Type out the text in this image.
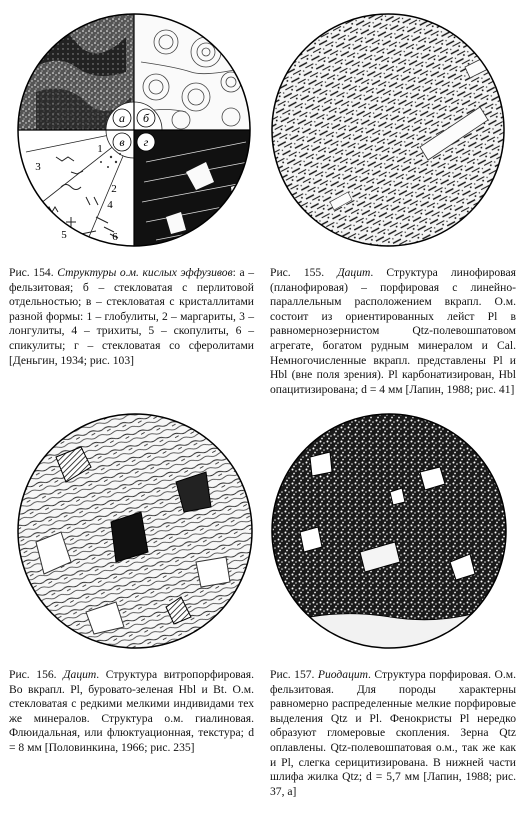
а б
в г
1
2
3
4
5	6
Рис. 154. Структуры о.м. кислых эффузивов: а – фельзитовая; б – стекловатая с перлитовой отдельностью; в – стекловатая с кристаллитами разной формы: 1 – глобулиты, 2 – маргариты, 3 – лонгулиты, 4 – трихиты, 5 – скопулиты, 6 – спикулиты; г – стекловатая со сферолитами [Деньгин, 1934; рис. 103]
Рис. 155. Дацит. Структура линофировая (планофировая) – порфировая с линейно-параллельным расположением вкрапл. О.м. состоит из ориентированных лейст Pl в равномернозернистом Qtz-полевошпатовом агрегате, богатом рудным минералом и Cal. Немногочисленные вкрапл. представлены Pl и Hbl (вне поля зрения). Pl карбонатизирован, Hbl опацитизирована; d = 4 мм [Лапин, 1988; рис. 41]
Рис. 156. Дацит. Структура витропорфировая. Во вкрапл. Pl, буровато-зеленая Hbl и Bt. О.м. стекловатая с редкими мелкими индивидами тех же минералов. Структура о.м. гиалиновая. Флюидальная, или флюктуационная, текстура; d = 8 мм [Половинкина, 1966; рис. 235]
Рис. 157. Риодацит. Структура порфировая. О.м. фельзитовая. Для породы характерны равномерно распределенные мелкие порфировые выделения Qtz и Pl. Фенокристы Pl нередко образуют гломеровые скопления. Зерна Qtz оплавлены. Qtz-полевошпатовая о.м., так же как и Pl, слегка серицитизирована. В нижней части шлифа жилка Qtz; d = 5,7 мм [Лапин, 1988; рис. 37, а]
